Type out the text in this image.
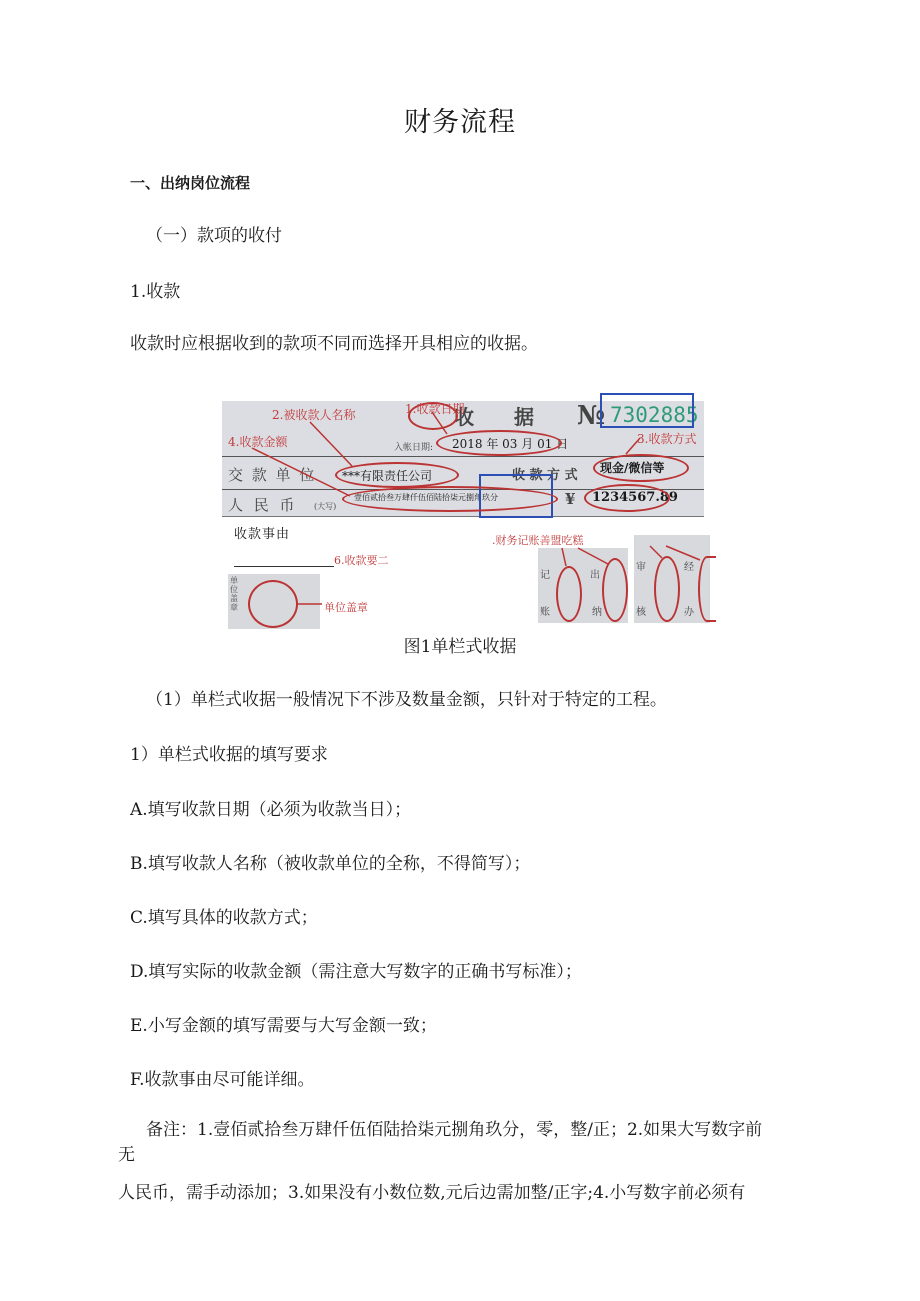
财务流程
一、出纳岗位流程
（一）款项的收付
1.收款
收款时应根据收到的款项不同而选择开具相应的收据。
收　　据 № 7302885
入帐日期: 2018 年 03 月 01 日
交 款 单 位 ***有限责任公司	收 款 方 式 现金/微信等
人 民 币 (大写)
壹佰贰拾叁万肆仟伍佰陆拾柒元捌角玖分	¥ 1234567.89
收款事由
1.收款日期
2.被收款人名称
3.收款方式
4.收款金额
.财务记账善盟吃糕
6.收款要二
单位盖章
单位盖章
记
账
出
纳
审
核
经
办
图1单栏式收据
（1）单栏式收据一般情况下不涉及数量金额，只针对于特定的工程。
1）单栏式收据的填写要求
A.填写收款日期（必须为收款当日）；
B.填写收款人名称（被收款单位的全称，不得简写）；
C.填写具体的收款方式；
D.填写实际的收款金额（需注意大写数字的正确书写标准）；
E.小写金额的填写需要与大写金额一致；
F.收款事由尽可能详细。
备注：1.壹佰贰拾叁万肆仟伍佰陆拾柒元捌角玖分，零，整/正；2.如果大写数字前
无
人民币，需手动添加；3.如果没有小数位数,元后边需加整/正字;4.小写数字前必须有
